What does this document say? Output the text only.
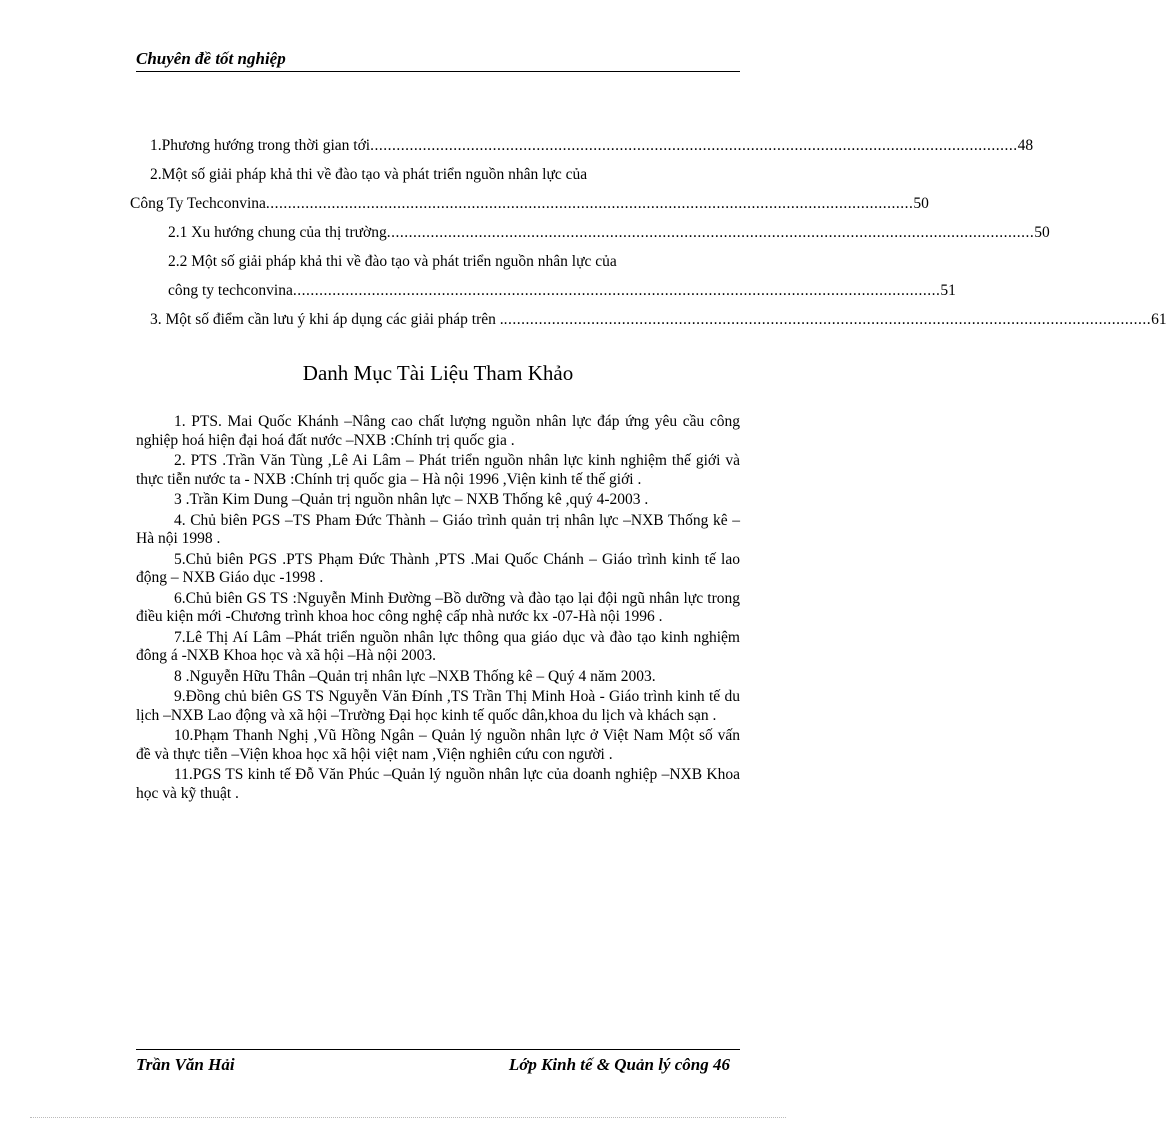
Chuyên đề tốt nghiệp
1.Phương hướng trong thời gian tới .................................................................................................................................................... 48
2.Một số giải pháp khả thi về đào tạo và phát triển nguồn nhân lực của
Công Ty Techconvina .................................................................................................................................................... 50
2.1 Xu hướng chung của thị trường .................................................................................................................................................... 50
2.2 Một số giải pháp khả thi về đào tạo và phát triển nguồn nhân lực của
công ty techconvina .................................................................................................................................................... 51
3. Một số điểm cần lưu ý khi áp dụng các giải pháp trên . .................................................................................................................................................... 61
Danh Mục Tài Liệu Tham Khảo

1. PTS. Mai Quốc Khánh –Nâng cao chất lượng nguồn nhân lực đáp ứng yêu cầu công nghiệp hoá hiện đại hoá đất nước –NXB :Chính trị quốc gia .

2. PTS .Trần Văn Tùng ,Lê Ai Lâm – Phát triển nguồn nhân lực kinh nghiệm thế giới và thực tiễn nước ta - NXB :Chính trị quốc gia – Hà nội 1996 ,Viện kinh tế thế giới .

3 .Trần Kim Dung –Quản trị nguồn nhân lực – NXB Thống kê ,quý 4-2003 .

4. Chủ biên PGS –TS Pham Đức Thành – Giáo trình quản trị nhân lực –NXB Thống kê –Hà nội 1998 .

5.Chủ biên PGS .PTS Phạm Đức Thành ,PTS .Mai Quốc Chánh – Giáo trình kinh tế lao động – NXB Giáo dục -1998 .

6.Chủ biên GS TS :Nguyễn Minh Đường –Bồ dưỡng và đào tạo lại đội ngũ nhân lực trong điều kiện mới -Chương trình khoa hoc công nghệ cấp nhà nước kx -07-Hà nội 1996 .

7.Lê Thị Aí Lâm –Phát triển nguồn nhân lực thông qua giáo dục và đào tạo kinh nghiệm đông á -NXB Khoa học và xã hội –Hà nội 2003.

8 .Nguyễn Hữu Thân –Quản trị nhân lực –NXB Thống kê – Quý 4 năm 2003.

9.Đồng chủ biên GS TS Nguyễn Văn Đính ,TS Trần Thị Minh Hoà - Giáo trình kinh tế du lịch –NXB Lao động và xã hội –Trường Đại học kinh tế quốc dân,khoa du lịch và khách sạn .

10.Phạm Thanh Nghị ,Vũ Hồng Ngân – Quản lý nguồn nhân lực ở Việt Nam Một số vấn đề và thực tiễn –Viện khoa học xã hội việt nam ,Viện nghiên cứu con người .

11.PGS TS kinh tế Đỗ Văn Phúc –Quản lý nguồn nhân lực của doanh nghiệp –NXB Khoa học và kỹ thuật .

Trần Văn Hải	Lớp Kinh tế & Quản lý công 46
